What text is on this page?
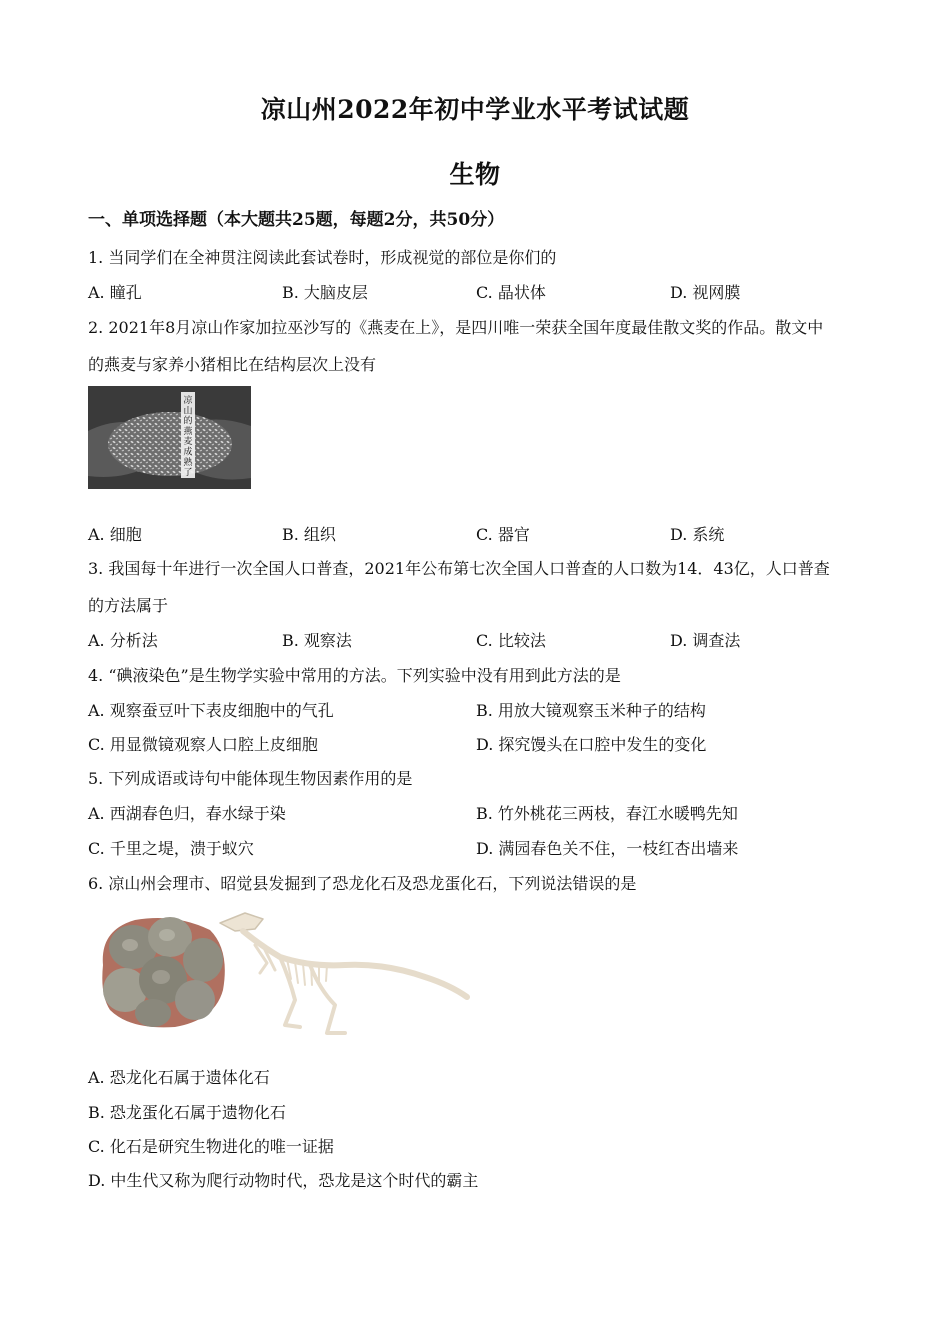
凉山州2022年初中学业水平考试试题
生物
一、单项选择题（本大题共25题，每题2分，共50分）
1. 当同学们在全神贯注阅读此套试卷时，形成视觉的部位是你们的
A. 瞳孔	B. 大脑皮层	C. 晶状体	D. 视网膜
2. 2021年8月凉山作家加拉巫沙写的《燕麦在上》，是四川唯一荣获全国年度最佳散文奖的作品。散文中
的燕麦与家养小猪相比在结构层次上没有
凉山的燕麦成熟了
A. 细胞	B. 组织	C. 器官	D. 系统
3. 我国每十年进行一次全国人口普查，2021年公布第七次全国人口普查的人口数为14．43亿，人口普查
的方法属于
A. 分析法	B. 观察法	C. 比较法	D. 调查法
4. “碘液染色”是生物学实验中常用的方法。下列实验中没有用到此方法的是
A. 观察蚕豆叶下表皮细胞中的气孔	B. 用放大镜观察玉米种子的结构
C. 用显微镜观察人口腔上皮细胞	D. 探究馒头在口腔中发生的变化
5. 下列成语或诗句中能体现生物因素作用的是
A. 西湖春色归，春水绿于染	B. 竹外桃花三两枝，春江水暖鸭先知
C. 千里之堤，溃于蚁穴	D. 满园春色关不住，一枝红杏出墙来
6. 凉山州会理市、昭觉县发掘到了恐龙化石及恐龙蛋化石，下列说法错误的是
A. 恐龙化石属于遗体化石
B. 恐龙蛋化石属于遗物化石
C. 化石是研究生物进化的唯一证据
D. 中生代又称为爬行动物时代，恐龙是这个时代的霸主
